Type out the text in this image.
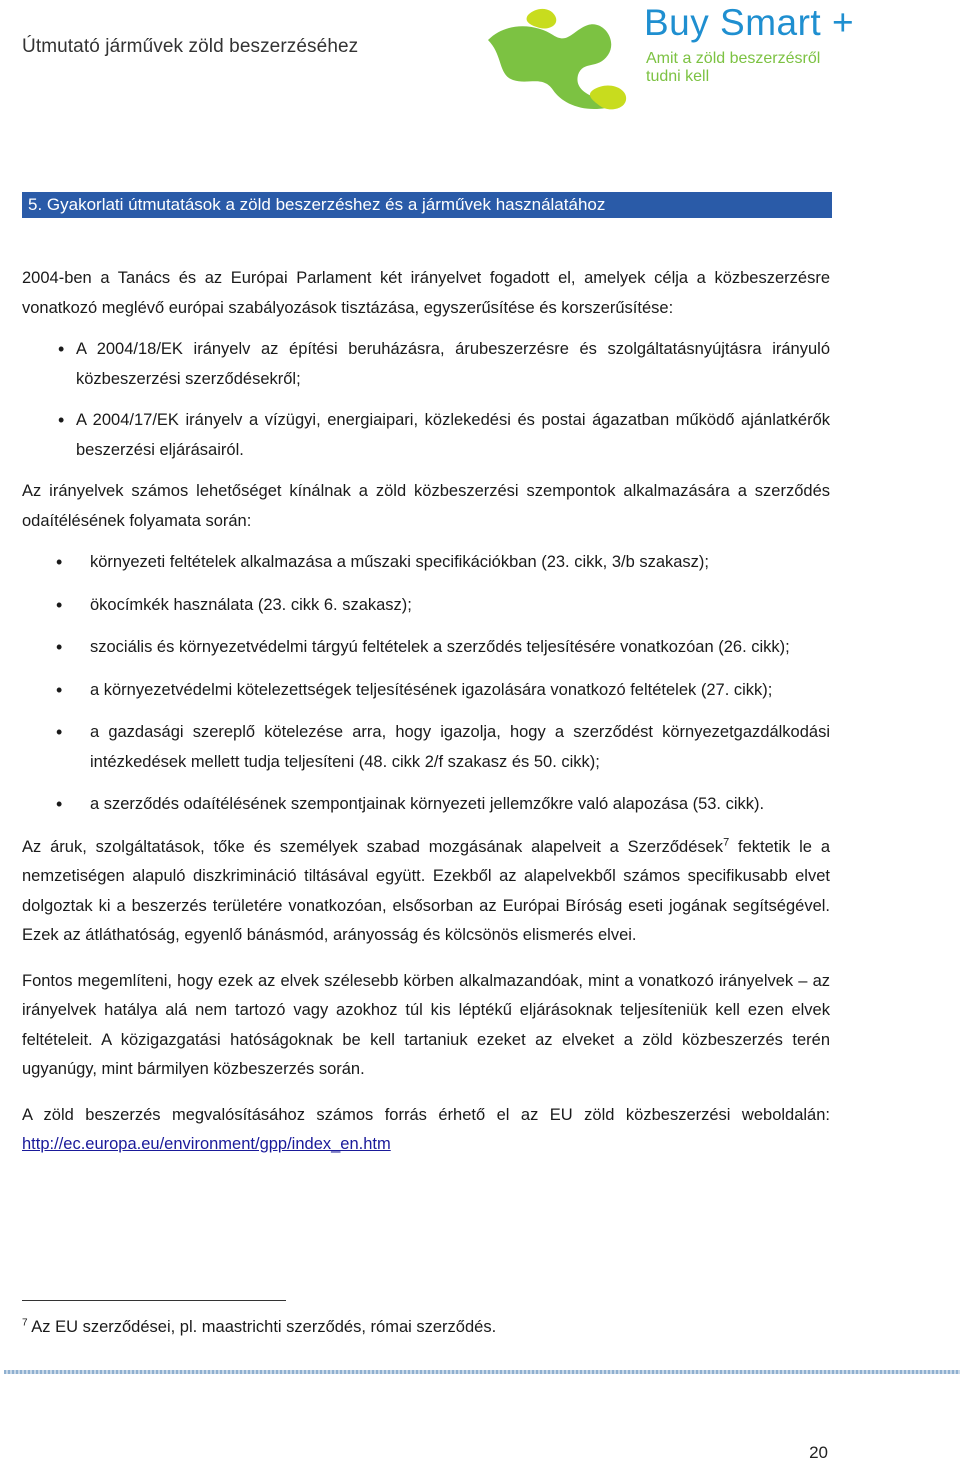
Útmutató járművek zöld beszerzéséhez
Buy Smart +
Amit a zöld beszerzésről
tudni kell
5. Gyakorlati útmutatások a zöld beszerzéshez és a járművek használatához

2004-ben a Tanács és az Európai Parlament két irányelvet fogadott el, amelyek célja a közbeszerzésre vonatkozó meglévő európai szabályozások tisztázása, egyszerűsítése és korszerűsítése:

• A 2004/18/EK irányelv az építési beruházásra, árubeszerzésre és szolgáltatásnyújtásra irányuló közbeszerzési szerződésekről;
• A 2004/17/EK irányelv a vízügyi, energiaipari, közlekedési és postai ágazatban működő ajánlatkérők beszerzési eljárásairól.

Az irányelvek számos lehetőséget kínálnak a zöld közbeszerzési szempontok alkalmazására a szerződés odaítélésének folyamata során:

• környezeti feltételek alkalmazása a műszaki specifikációkban (23. cikk, 3/b szakasz);
• ökocímkék használata (23. cikk 6. szakasz);
• szociális és környezetvédelmi tárgyú feltételek a szerződés teljesítésére vonatkozóan (26. cikk);
• a környezetvédelmi kötelezettségek teljesítésének igazolására vonatkozó feltételek (27. cikk);
• a gazdasági szereplő kötelezése arra, hogy igazolja, hogy a szerződést környezetgazdálkodási intézkedések mellett tudja teljesíteni (48. cikk 2/f szakasz és 50. cikk);
• a szerződés odaítélésének szempontjainak környezeti jellemzőkre való alapozása (53. cikk).

Az áruk, szolgáltatások, tőke és személyek szabad mozgásának alapelveit a Szerződések$^7$ fektetik le a nemzetiségen alapuló diszkrimináció tiltásával együtt. Ezekből az alapelvekből számos specifikusabb elvet dolgoztak ki a beszerzés területére vonatkozóan, elsősorban az Európai Bíróság eseti jogának segítségével. Ezek az átláthatóság, egyenlő bánásmód, arányosság és kölcsönös elismerés elvei.

Fontos megemlíteni, hogy ezek az elvek szélesebb körben alkalmazandóak, mint a vonatkozó irányelvek – az irányelvek hatálya alá nem tartozó vagy azokhoz túl kis léptékű eljárásoknak teljesíteniük kell ezen elvek feltételeit. A közigazgatási hatóságoknak be kell tartaniuk ezeket az elveket a zöld közbeszerzés terén ugyanúgy, mint bármilyen közbeszerzés során.

A zöld beszerzés megvalósításához számos forrás érhető el az EU zöld közbeszerzési weboldalán: http://ec.europa.eu/environment/gpp/index_en.htm

$^7$ Az EU szerződései, pl. maastrichti szerződés, római szerződés.
20
